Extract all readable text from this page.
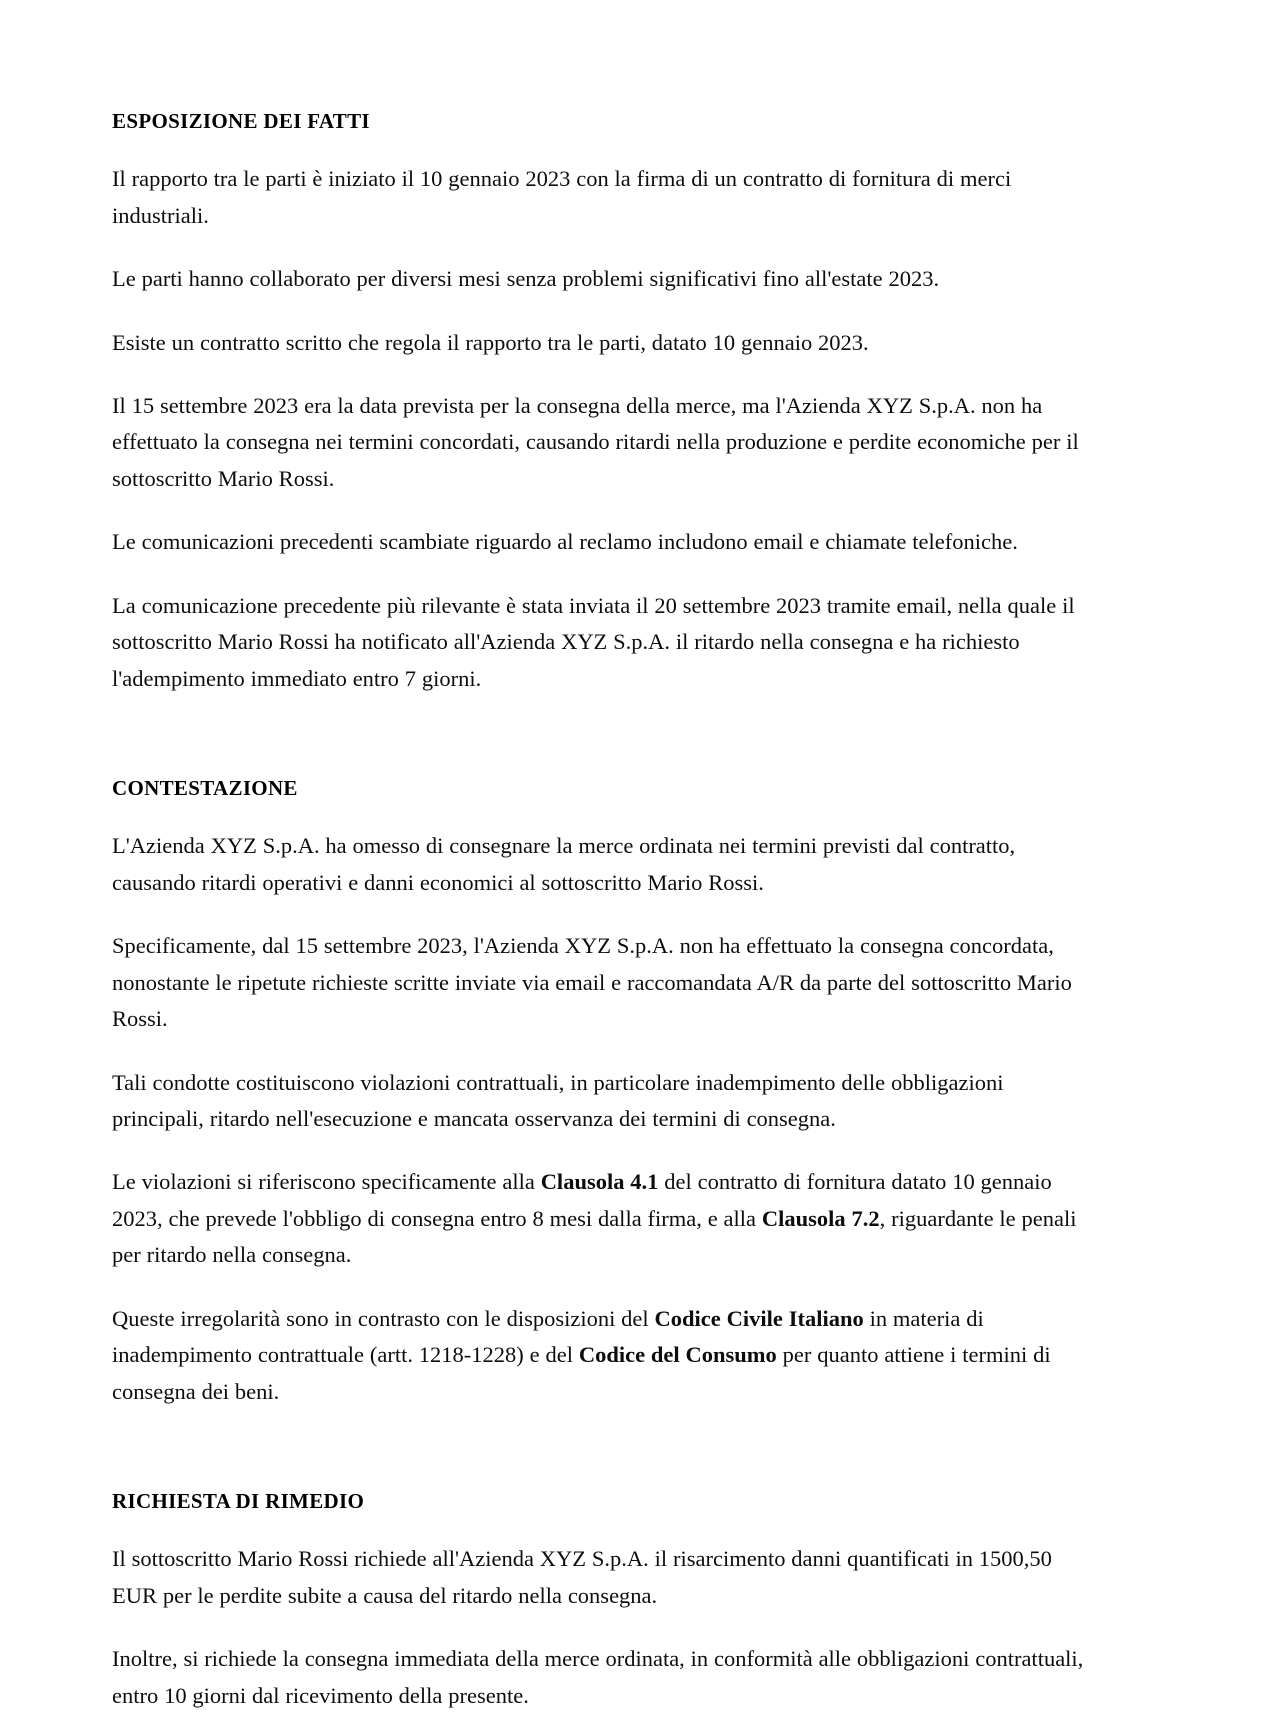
ESPOSIZIONE DEI FATTI

Il rapporto tra le parti è iniziato il 10 gennaio 2023 con la firma di un contratto di fornitura di merci industriali.

Le parti hanno collaborato per diversi mesi senza problemi significativi fino all'estate 2023.

Esiste un contratto scritto che regola il rapporto tra le parti, datato 10 gennaio 2023.

Il 15 settembre 2023 era la data prevista per la consegna della merce, ma l'Azienda XYZ S.p.A. non ha effettuato la consegna nei termini concordati, causando ritardi nella produzione e perdite economiche per il sottoscritto Mario Rossi.

Le comunicazioni precedenti scambiate riguardo al reclamo includono email e chiamate telefoniche.

La comunicazione precedente più rilevante è stata inviata il 20 settembre 2023 tramite email, nella quale il sottoscritto Mario Rossi ha notificato all'Azienda XYZ S.p.A. il ritardo nella consegna e ha richiesto l'adempimento immediato entro 7 giorni.

CONTESTAZIONE

L'Azienda XYZ S.p.A. ha omesso di consegnare la merce ordinata nei termini previsti dal contratto, causando ritardi operativi e danni economici al sottoscritto Mario Rossi.

Specificamente, dal 15 settembre 2023, l'Azienda XYZ S.p.A. non ha effettuato la consegna concordata, nonostante le ripetute richieste scritte inviate via email e raccomandata A/R da parte del sottoscritto Mario Rossi.

Tali condotte costituiscono violazioni contrattuali, in particolare inadempimento delle obbligazioni principali, ritardo nell'esecuzione e mancata osservanza dei termini di consegna.

Le violazioni si riferiscono specificamente alla Clausola 4.1 del contratto di fornitura datato 10 gennaio 2023, che prevede l'obbligo di consegna entro 8 mesi dalla firma, e alla Clausola 7.2, riguardante le penali per ritardo nella consegna.

Queste irregolarità sono in contrasto con le disposizioni del Codice Civile Italiano in materia di inadempimento contrattuale (artt. 1218-1228) e del Codice del Consumo per quanto attiene i termini di consegna dei beni.

RICHIESTA DI RIMEDIO

Il sottoscritto Mario Rossi richiede all'Azienda XYZ S.p.A. il risarcimento danni quantificati in 1500,50 EUR per le perdite subite a causa del ritardo nella consegna.

Inoltre, si richiede la consegna immediata della merce ordinata, in conformità alle obbligazioni contrattuali, entro 10 giorni dal ricevimento della presente.
